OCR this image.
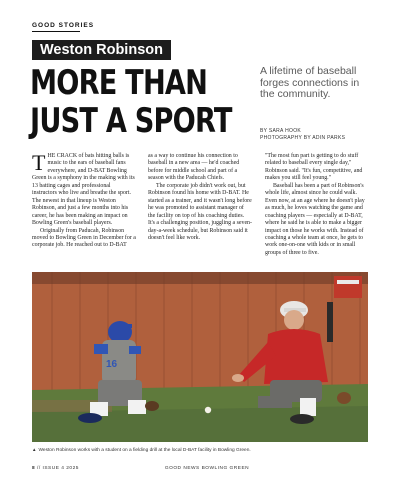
GOOD STORIES
Weston Robinson
MORE THAN
JUST A SPORT
A lifetime of baseball forges connections in the community.
BY SARA HOOK
PHOTOGRAPHY BY ADIN PARKS

THE CRACK of bats hitting balls is music to the ears of baseball fans everywhere, and D-BAT Bowling Green is a symphony in the making with its 13 batting cages and professional instructors who live and breathe the sport. The newest in that lineup is Weston Robinson, and just a few months into his career, he has been making an impact on Bowling Green's baseball players.

Originally from Paducah, Robinson moved to Bowling Green in December for a corporate job. He reached out to D-BAT

as a way to continue his connection to baseball in a new area — he'd coached before for middle school and part of a season with the Paducah Chiefs.

The corporate job didn't work out, but Robinson found his home with D-BAT. He started as a trainer, and it wasn't long before he was promoted to assistant manager of the facility on top of his coaching duties. It's a challenging position, juggling a seven-day-a-week schedule, but Robinson said it doesn't feel like work.

"The most fun part is getting to do stuff related to baseball every single day," Robinson said. "It's fun, competitive, and makes you still feel young."

Baseball has been a part of Robinson's whole life, almost since he could walk. Even now, at an age where he doesn't play as much, he loves watching the game and coaching players — especially at D-BAT, where he said he is able to make a bigger impact on those he works with. Instead of coaching a whole team at once, he gets to work one-on-one with kids or in small groups of three to five.

16
▲ Weston Robinson works with a student on a fielding drill at the local D-BAT facility in Bowling Green.
8 // ISSUE 4 2025	GOOD NEWS BOWLING GREEN
